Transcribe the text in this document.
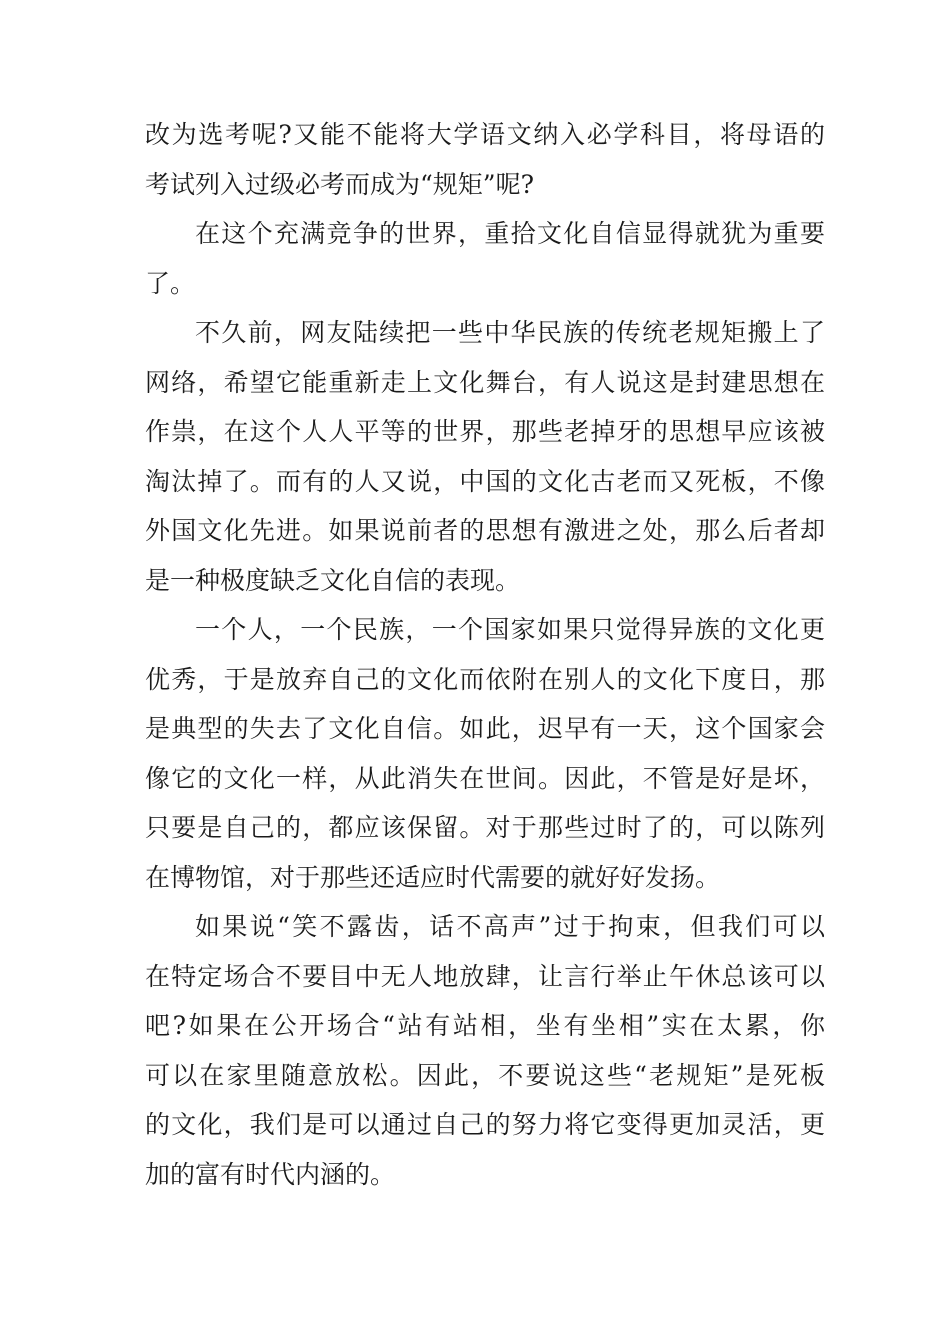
改为选考呢?又能不能将大学语文纳入必学科目，将母语的
考试列入过级必考而成为“规矩”呢?
在这个充满竞争的世界，重拾文化自信显得就犹为重要
了。
不久前，网友陆续把一些中华民族的传统老规矩搬上了
网络，希望它能重新走上文化舞台，有人说这是封建思想在
作祟，在这个人人平等的世界，那些老掉牙的思想早应该被
淘汰掉了。而有的人又说，中国的文化古老而又死板，不像
外国文化先进。如果说前者的思想有激进之处，那么后者却
是一种极度缺乏文化自信的表现。
一个人，一个民族，一个国家如果只觉得异族的文化更
优秀，于是放弃自己的文化而依附在别人的文化下度日，那
是典型的失去了文化自信。如此，迟早有一天，这个国家会
像它的文化一样，从此消失在世间。因此，不管是好是坏，
只要是自己的，都应该保留。对于那些过时了的，可以陈列
在博物馆，对于那些还适应时代需要的就好好发扬。
如果说“笑不露齿，话不高声”过于拘束，但我们可以
在特定场合不要目中无人地放肆，让言行举止午休总该可以
吧?如果在公开场合“站有站相，坐有坐相”实在太累，你
可以在家里随意放松。因此，不要说这些“老规矩”是死板
的文化，我们是可以通过自己的努力将它变得更加灵活，更
加的富有时代内涵的。
